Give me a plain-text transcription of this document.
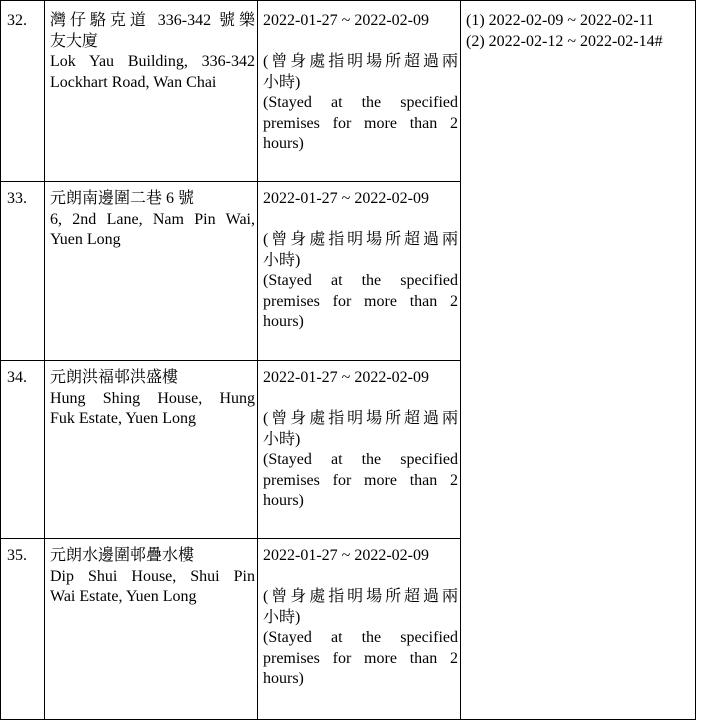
32. 灣仔駱克道 336-342 號樂
友大廈
Lok Yau Building, 336-342
Lockhart Road, Wan Chai
2022-01-27 ~ 2022-02-09
(曾身處指明場所超過兩
小時)
(Stayed at the specified
premises for more than 2
hours)
(1) 2022-02-09 ~ 2022-02-11
(2) 2022-02-12 ~ 2022-02-14#
33. 元朗南邊圍二巷 6 號
6, 2nd Lane, Nam Pin Wai,
Yuen Long
2022-01-27 ~ 2022-02-09
(曾身處指明場所超過兩
小時)
(Stayed at the specified
premises for more than 2
hours)
34. 元朗洪福邨洪盛樓
Hung Shing House, Hung
Fuk Estate, Yuen Long
2022-01-27 ~ 2022-02-09
(曾身處指明場所超過兩
小時)
(Stayed at the specified
premises for more than 2
hours)
35. 元朗水邊圍邨疊水樓
Dip Shui House, Shui Pin
Wai Estate, Yuen Long
2022-01-27 ~ 2022-02-09
(曾身處指明場所超過兩
小時)
(Stayed at the specified
premises for more than 2
hours)
